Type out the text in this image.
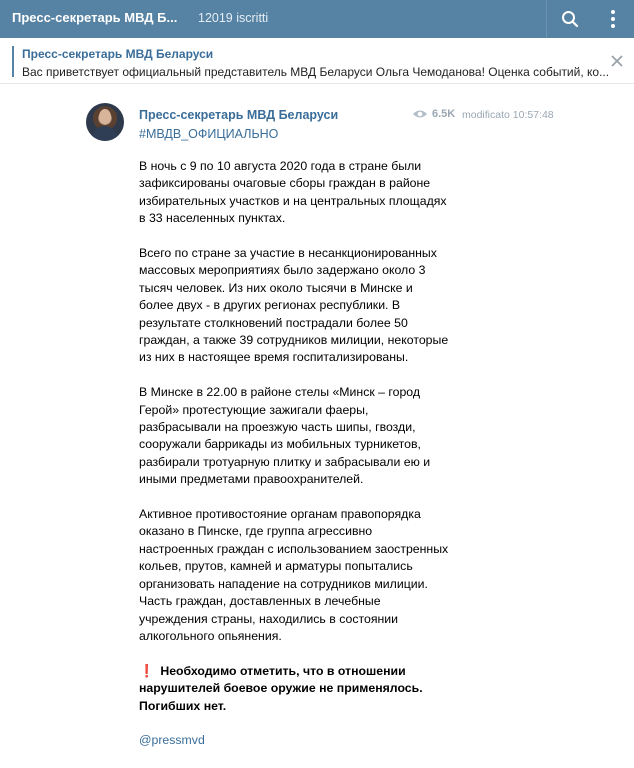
Пресс-секретарь МВД Б... 12019 iscritti
Пресс-секретарь МВД Беларуси
Вас приветствует официальный представитель МВД Беларуси Ольга Чемоданова! Оценка событий, ко...
Пресс-секретарь МВД Беларуси	6.5K modificato 10:57:48
#МВДВ_ОФИЦИАЛЬНО

В ночь с 9 по 10 августа 2020 года в стране были зафиксированы очаговые сборы граждан в районе избирательных участков и на центральных площадях в 33 населенных пунктах.

Всего по стране за участие в несанкционированных массовых мероприятиях было задержано около 3 тысяч человек. Из них около тысячи в Минске и более двух - в других регионах республики. В результате столкновений пострадали более 50 граждан, а также 39 сотрудников милиции, некоторые из них в настоящее время госпитализированы.

В Минске в 22.00 в районе стелы «Минск – город Герой» протестующие зажигали фаеры, разбрасывали на проезжую часть шипы, гвозди, сооружали баррикады из мобильных турникетов, разбирали тротуарную плитку и забрасывали ею и иными предметами правоохранителей.

Активное противостояние органам правопорядка оказано в Пинске, где группа агрессивно настроенных граждан с использованием заостренных кольев, прутов, камней и арматуры попытались организовать нападение на сотрудников милиции. Часть граждан, доставленных в лечебные учреждения страны, находились в состоянии алкогольного опьянения.

❗ Необходимо отметить, что в отношении нарушителей боевое оружие не применялось. Погибших нет.

@pressmvd
